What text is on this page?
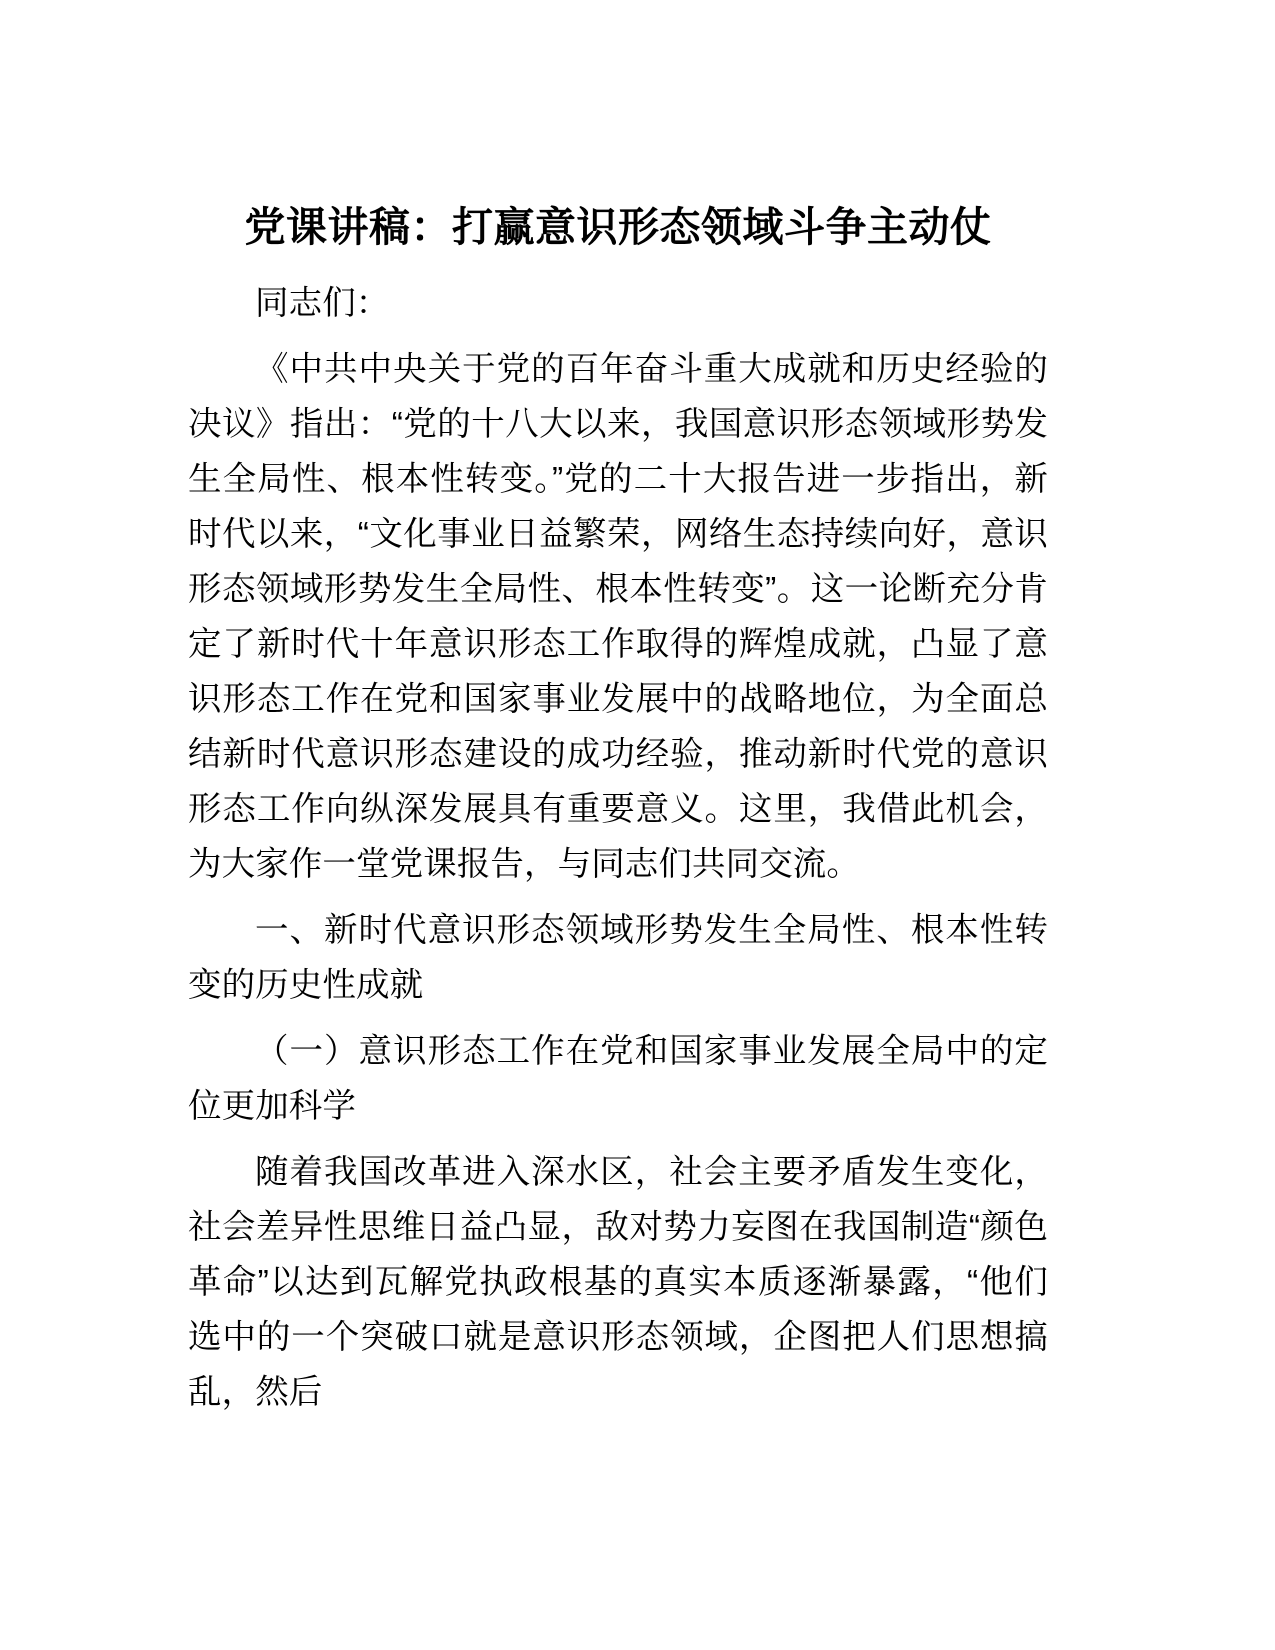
党课讲稿：打赢意识形态领域斗争主动仗

同志们：

《中共中央关于党的百年奋斗重大成就和历史经验的决议》指出：“党的十八大以来，我国意识形态领域形势发生全局性、根本性转变。”党的二十大报告进一步指出，新时代以来，“文化事业日益繁荣，网络生态持续向好，意识形态领域形势发生全局性、根本性转变”。这一论断充分肯定了新时代十年意识形态工作取得的辉煌成就，凸显了意识形态工作在党和国家事业发展中的战略地位，为全面总结新时代意识形态建设的成功经验，推动新时代党的意识形态工作向纵深发展具有重要意义。这里，我借此机会，为大家作一堂党课报告，与同志们共同交流。

一、新时代意识形态领域形势发生全局性、根本性转变的历史性成就

（一）意识形态工作在党和国家事业发展全局中的定位更加科学

随着我国改革进入深水区，社会主要矛盾发生变化，社会差异性思维日益凸显，敌对势力妄图在我国制造“颜色革命”以达到瓦解党执政根基的真实本质逐渐暴露，“他们选中的一个突破口就是意识形态领域，企图把人们思想搞乱，然后
